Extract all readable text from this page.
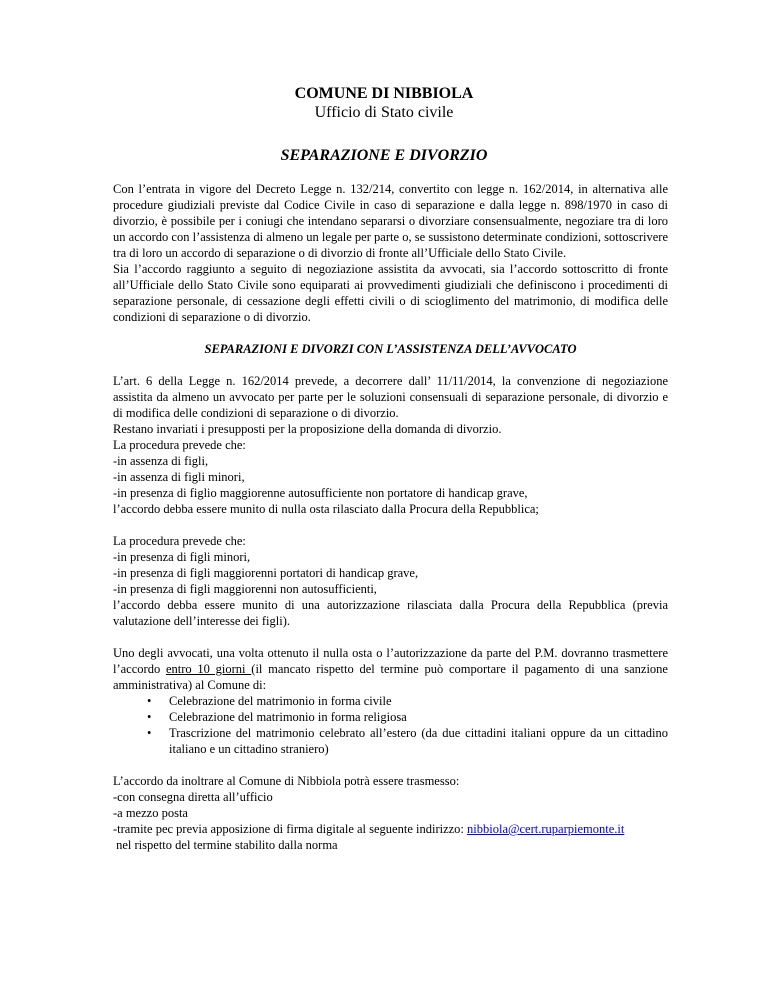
COMUNE DI NIBBIOLA
Ufficio di Stato civile
SEPARAZIONE E DIVORZIO

Con l’entrata in vigore del Decreto Legge n. 132/214, convertito con legge n. 162/2014, in alternativa alle procedure giudiziali previste dal Codice Civile in caso di separazione e dalla legge n. 898/1970 in caso di divorzio, è possibile per i coniugi che intendano separarsi o divorziare consensualmente, negoziare tra di loro un accordo con l’assistenza di almeno un legale per parte o, se sussistono determinate condizioni, sottoscrivere tra di loro un accordo di separazione o di divorzio di fronte all’Ufficiale dello Stato Civile.

Sia l’accordo raggiunto a seguito di negoziazione assistita da avvocati, sia l’accordo sottoscritto di fronte all’Ufficiale dello Stato Civile sono equiparati ai provvedimenti giudiziali che definiscono i procedimenti di separazione personale, di cessazione degli effetti civili o di scioglimento del matrimonio, di modifica delle condizioni di separazione o di divorzio.

SEPARAZIONI E DIVORZI CON L’ASSISTENZA DELL’AVVOCATO

L’art. 6 della Legge n. 162/2014 prevede, a decorrere dall’ 11/11/2014, la convenzione di negoziazione assistita da almeno un avvocato per parte per le soluzioni consensuali di separazione personale, di divorzio e di modifica delle condizioni di separazione o di divorzio.

Restano invariati i presupposti per la proposizione della domanda di divorzio.

La procedura prevede che:

-in assenza di figli,

-in assenza di figli minori,

-in presenza di figlio maggiorenne autosufficiente non portatore di handicap grave,

l’accordo debba essere munito di nulla osta rilasciato dalla Procura della Repubblica;

La procedura prevede che:

-in presenza di figli minori,

-in presenza di figli maggiorenni portatori di handicap grave,

-in presenza di figli maggiorenni non autosufficienti,

l’accordo debba essere munito di una autorizzazione rilasciata dalla Procura della Repubblica (previa valutazione dell’interesse dei figli).

Uno degli avvocati, una volta ottenuto il nulla osta o l’autorizzazione da parte del P.M. dovranno trasmettere l’accordo entro 10 giorni (il mancato rispetto del termine può comportare il pagamento di una sanzione amministrativa) al Comune di:

• Celebrazione del matrimonio in forma civile
• Celebrazione del matrimonio in forma religiosa
• Trascrizione del matrimonio celebrato all’estero (da due cittadini italiani oppure da un cittadino italiano e un cittadino straniero)

L’accordo da inoltrare al Comune di Nibbiola potrà essere trasmesso:

-con consegna diretta all’ufficio

-a mezzo posta

-tramite pec previa apposizione di firma digitale al seguente indirizzo: nibbiola@cert.ruparpiemonte.it

nel rispetto del termine stabilito dalla norma
